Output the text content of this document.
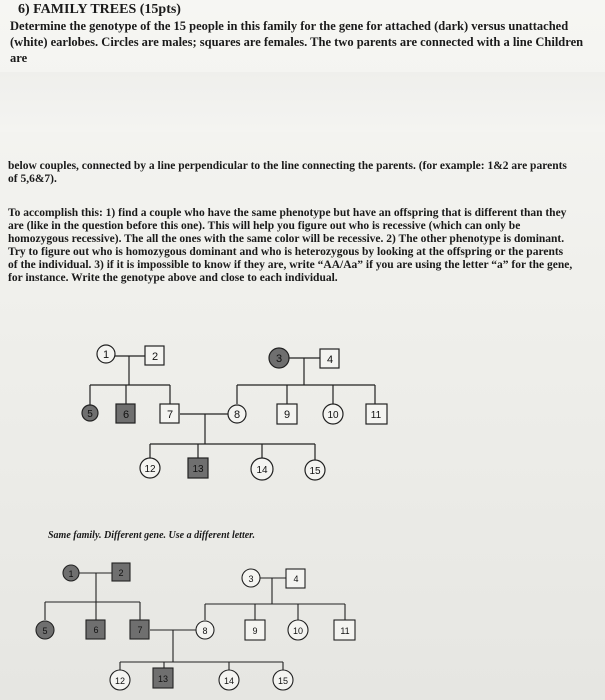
6) FAMILY TREES (15pts)
Determine the genotype of the 15 people in this family for the gene for attached (dark) versus unattached (white) earlobes. Circles are males; squares are females. The two parents are connected with a line Children are
below couples, connected by a line perpendicular to the line connecting the parents. (for example: 1&2 are parents of 5,6&7).
To accomplish this: 1) find a couple who have the same phenotype but have an offspring that is different than they are (like in the question before this one). This will help you figure out who is recessive (which can only be homozygous recessive). The all the ones with the same color will be recessive. 2) The other phenotype is dominant. Try to figure out who is homozygous dominant and who is heterozygous by looking at the offspring or the parents of the individual. 3) if it is impossible to know if they are, write “AA/Aa” if you are using the letter “a” for the gene, for instance. Write the genotype above and close to each individual.
Same family. Different gene. Use a different letter.
1	2	3	4
5	6	7	8	9	10	11
12	13	14	15
1	2
3	4
5	6	7	8	9	10	11
12	13	14	15
